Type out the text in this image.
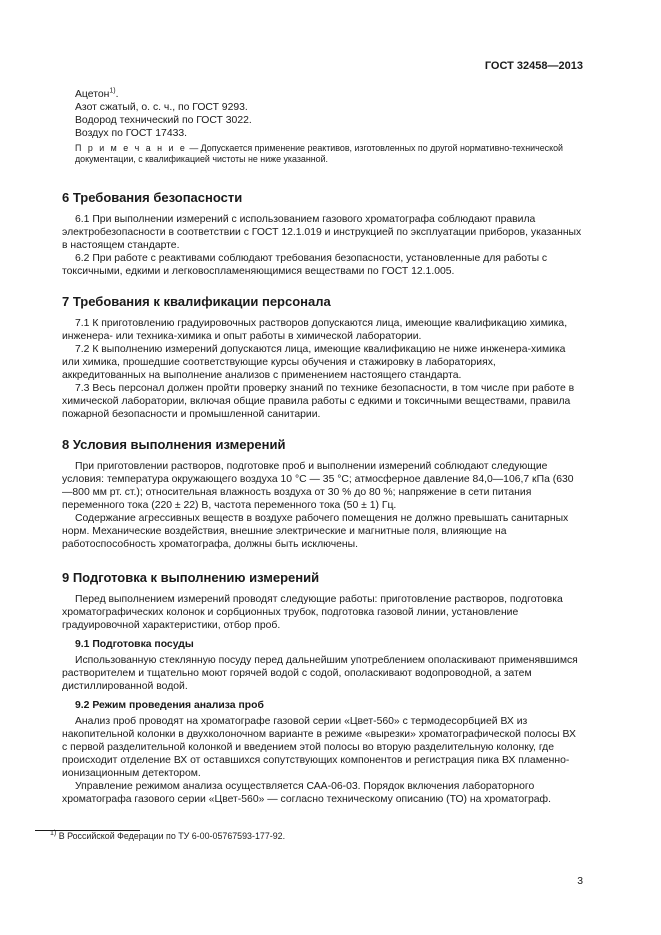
ГОСТ 32458—2013

Ацетон$^{1)}$.

Азот сжатый, о. с. ч., по ГОСТ 9293.

Водород технический по ГОСТ 3022.

Воздух по ГОСТ 17433.

П р и м е ч а н и е — Допускается применение реактивов, изготовленных по другой нормативно-технической документации, с квалификацией чистоты не ниже указанной.

6 Требования безопасности

6.1 При выполнении измерений с использованием газового хроматографа соблюдают правила электробезопасности в соответствии с ГОСТ 12.1.019 и инструкцией по эксплуатации приборов, указанных в настоящем стандарте.

6.2 При работе с реактивами соблюдают требования безопасности, установленные для работы с токсичными, едкими и легковоспламеняющимися веществами по ГОСТ 12.1.005.

7 Требования к квалификации персонала

7.1 К приготовлению градуировочных растворов допускаются лица, имеющие квалификацию химика, инженера- или техника-химика и опыт работы в химической лаборатории.

7.2 К выполнению измерений допускаются лица, имеющие квалификацию не ниже инженера-химика или химика, прошедшие соответствующие курсы обучения и стажировку в лабораториях, аккредитованных на выполнение анализов с применением настоящего стандарта.

7.3 Весь персонал должен пройти проверку знаний по технике безопасности, в том числе при работе в химической лаборатории, включая общие правила работы с едкими и токсичными веществами, правила пожарной безопасности и промышленной санитарии.

8 Условия выполнения измерений

При приготовлении растворов, подготовке проб и выполнении измерений соблюдают следующие условия: температура окружающего воздуха 10 °С — 35 °С; атмосферное давление 84,0—106,7 кПа (630—800 мм рт. ст.); относительная влажность воздуха от 30 % до 80 %; напряжение в сети питания переменного тока (220 ± 22) В, частота переменного тока (50 ± 1) Гц.

Содержание агрессивных веществ в воздухе рабочего помещения не должно превышать санитарных норм. Механические воздействия, внешние электрические и магнитные поля, влияющие на работоспособность хроматографа, должны быть исключены.

9 Подготовка к выполнению измерений

Перед выполнением измерений проводят следующие работы: приготовление растворов, подготовка хроматографических колонок и сорбционных трубок, подготовка газовой линии, установление градуировочной характеристики, отбор проб.

9.1 Подготовка посуды

Использованную стеклянную посуду перед дальнейшим употреблением ополаскивают применявшимся растворителем и тщательно моют горячей водой с содой, ополаскивают водопроводной, а затем дистиллированной водой.

9.2 Режим проведения анализа проб

Анализ проб проводят на хроматографе газовой серии «Цвет-560» с термодесорбцией ВХ из накопительной колонки в двухколоночном варианте в режиме «вырезки» хроматографической полосы ВХ с первой разделительной колонкой и введением этой полосы во вторую разделительную колонку, где происходит отделение ВХ от оставшихся сопутствующих компонентов и регистрация пика ВХ пламенно-ионизационным детектором.

Управление режимом анализа осуществляется САА-06-03. Порядок включения лабораторного хроматографа газового серии «Цвет-560» — согласно техническому описанию (ТО) на хроматограф.

$^{1)}$ В Российской Федерации по ТУ 6-00-05767593-177-92.
3
